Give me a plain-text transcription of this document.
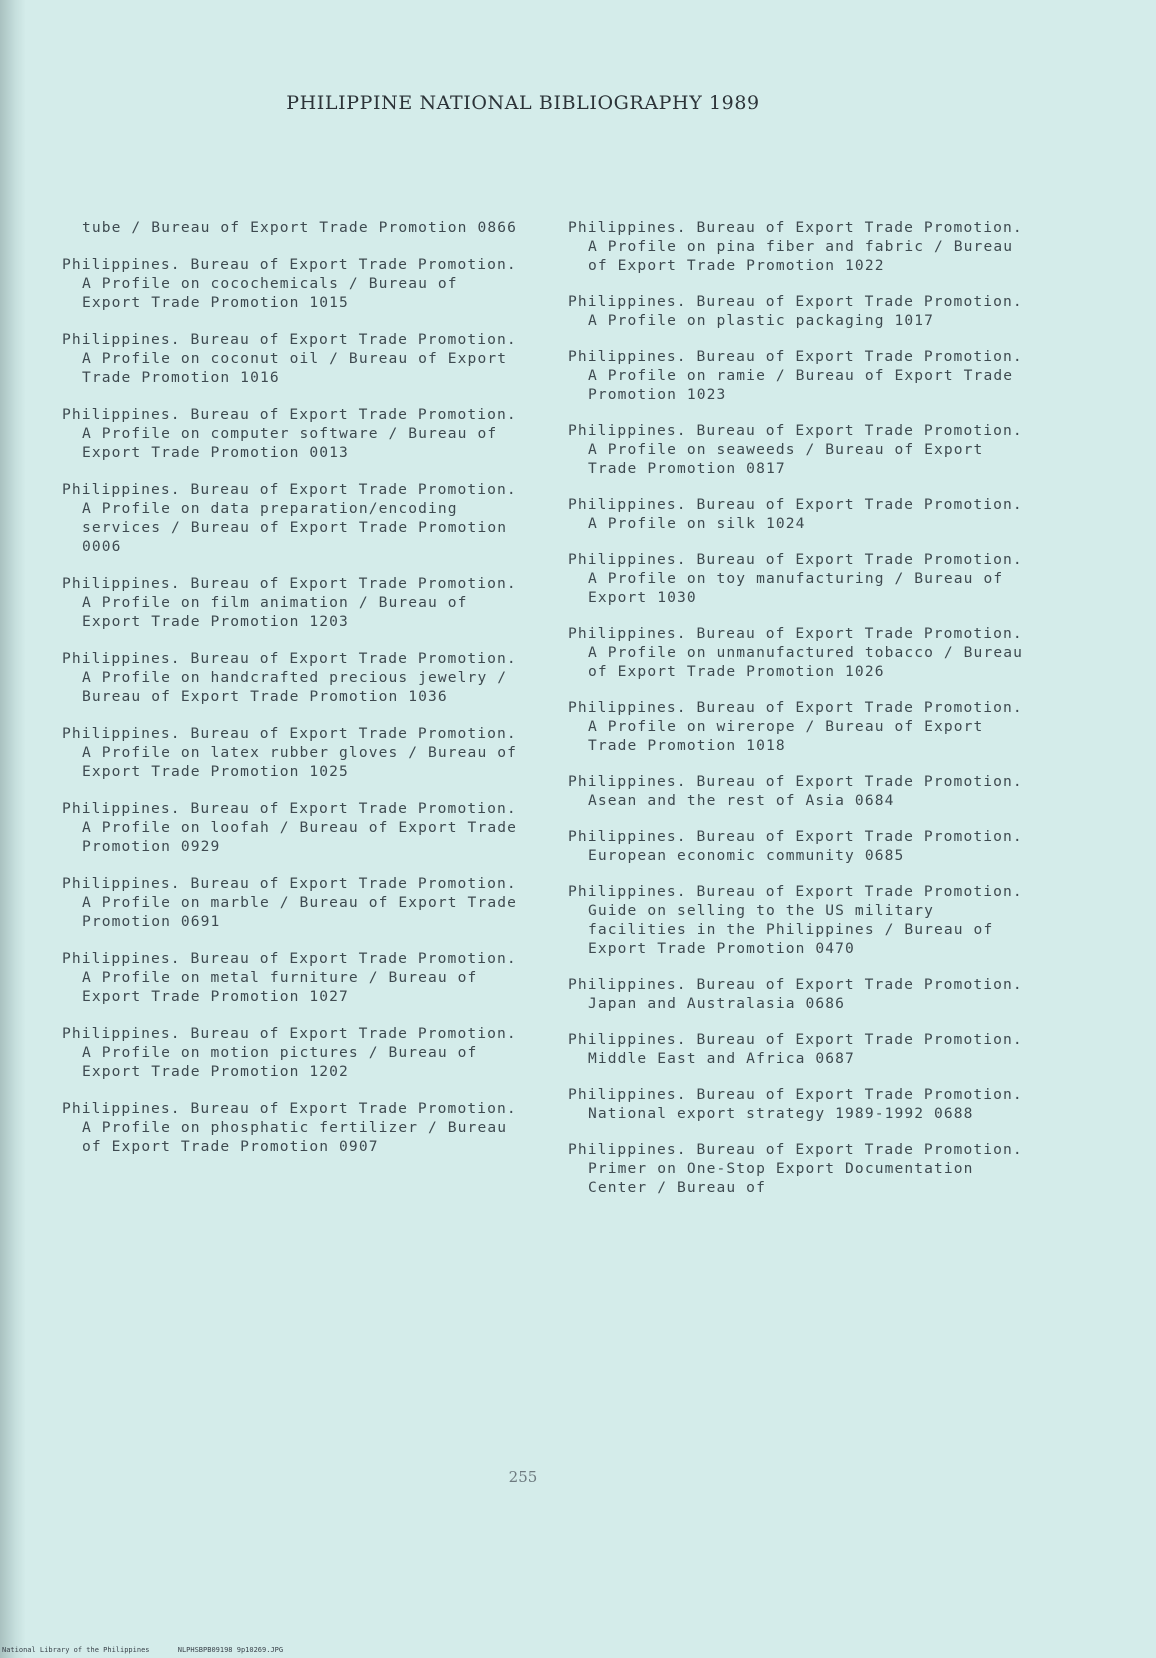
PHILIPPINE NATIONAL BIBLIOGRAPHY 1989

tube / Bureau of Export Trade Promotion 0866

Philippines. Bureau of Export Trade Promotion. A Profile on cocochemicals / Bureau of Export Trade Promotion 1015

Philippines. Bureau of Export Trade Promotion. A Profile on coconut oil / Bureau of Export Trade Promotion 1016

Philippines. Bureau of Export Trade Promotion. A Profile on computer software / Bureau of Export Trade Promotion 0013

Philippines. Bureau of Export Trade Promotion. A Profile on data preparation/encoding services / Bureau of Export Trade Promotion 0006

Philippines. Bureau of Export Trade Promotion. A Profile on film animation / Bureau of Export Trade Promotion 1203

Philippines. Bureau of Export Trade Promotion. A Profile on handcrafted precious jewelry / Bureau of Export Trade Promotion 1036

Philippines. Bureau of Export Trade Promotion. A Profile on latex rubber gloves / Bureau of Export Trade Promotion 1025

Philippines. Bureau of Export Trade Promotion. A Profile on loofah / Bureau of Export Trade Promotion 0929

Philippines. Bureau of Export Trade Promotion. A Profile on marble / Bureau of Export Trade Promotion 0691

Philippines. Bureau of Export Trade Promotion. A Profile on metal furniture / Bureau of Export Trade Promotion 1027

Philippines. Bureau of Export Trade Promotion. A Profile on motion pictures / Bureau of Export Trade Promotion 1202

Philippines. Bureau of Export Trade Promotion. A Profile on phosphatic fertilizer / Bureau of Export Trade Promotion 0907

Philippines. Bureau of Export Trade Promotion. A Profile on pina fiber and fabric / Bureau of Export Trade Promotion 1022

Philippines. Bureau of Export Trade Promotion. A Profile on plastic packaging 1017

Philippines. Bureau of Export Trade Promotion. A Profile on ramie / Bureau of Export Trade Promotion 1023

Philippines. Bureau of Export Trade Promotion. A Profile on seaweeds / Bureau of Export Trade Promotion 0817

Philippines. Bureau of Export Trade Promotion. A Profile on silk 1024

Philippines. Bureau of Export Trade Promotion. A Profile on toy manufacturing / Bureau of Export 1030

Philippines. Bureau of Export Trade Promotion. A Profile on unmanufactured tobacco / Bureau of Export Trade Promotion 1026

Philippines. Bureau of Export Trade Promotion. A Profile on wirerope / Bureau of Export Trade Promotion 1018

Philippines. Bureau of Export Trade Promotion. Asean and the rest of Asia 0684

Philippines. Bureau of Export Trade Promotion. European economic community 0685

Philippines. Bureau of Export Trade Promotion. Guide on selling to the US military facilities in the Philippines / Bureau of Export Trade Promotion 0470

Philippines. Bureau of Export Trade Promotion. Japan and Australasia 0686

Philippines. Bureau of Export Trade Promotion. Middle East and Africa 0687

Philippines. Bureau of Export Trade Promotion. National export strategy 1989-1992 0688

Philippines. Bureau of Export Trade Promotion. Primer on One-Stop Export Documentation Center / Bureau of

255
National Library of the Philippines	NLPHSBPB09198 9p10269.JPG
